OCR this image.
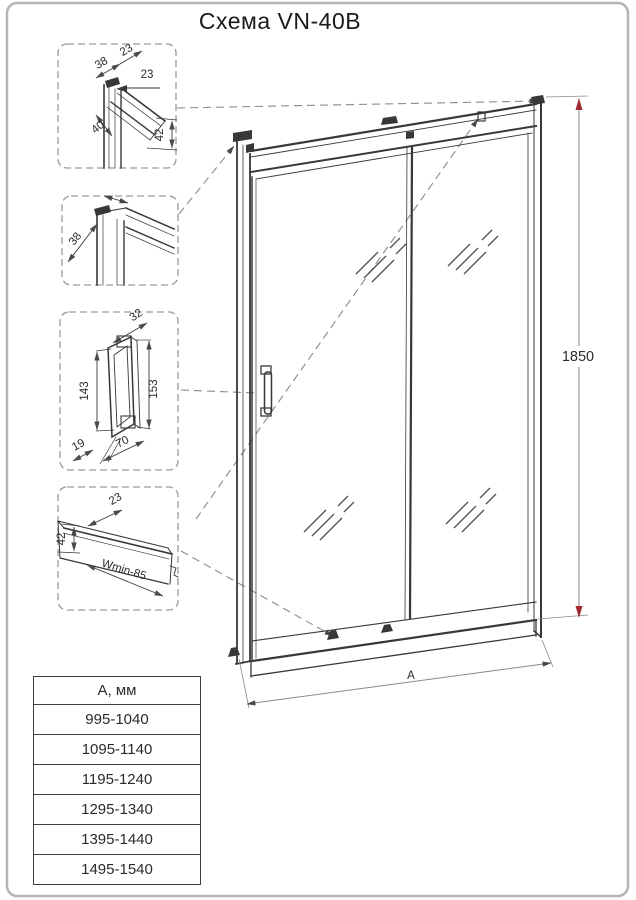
Схема VN-40B
1850
A
38
23
23
40	42
38
32
143	153
19 70
23
42
Wmin-85
А, мм
995-1040
1095-1140
1195-1240
1295-1340
1395-1440
1495-1540
